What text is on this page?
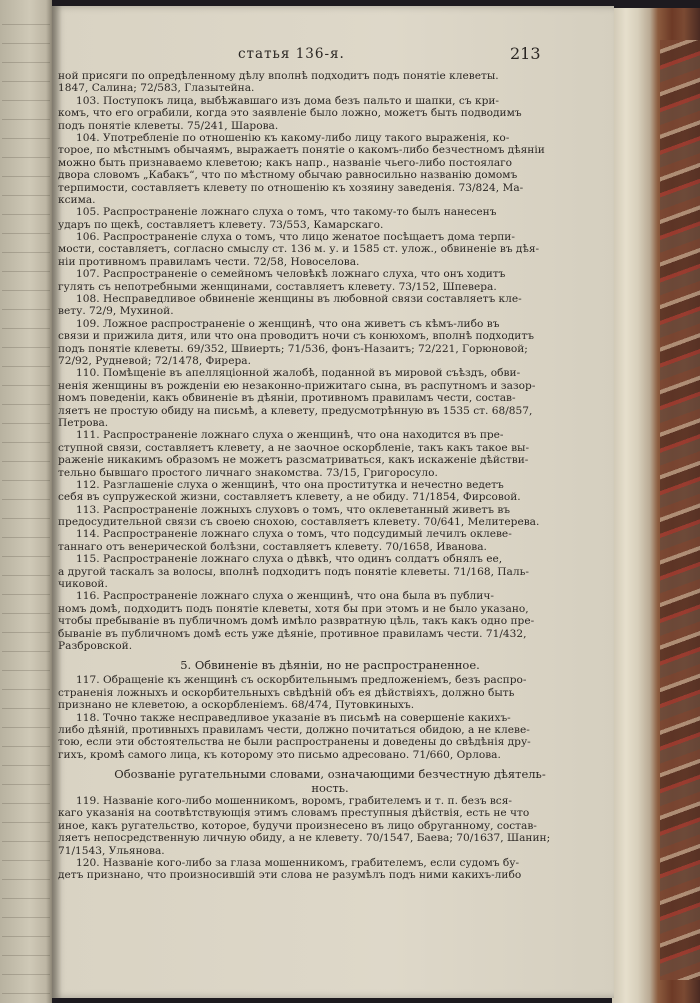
статья 136-я.	213
ной присяги по опредѣленному дѣлу вполнѣ подходитъ подъ понятіе клеветы.
1847, Салина; 72/583, Глазытейна.
103. Поступокъ лица, выбѣжавшаго изъ дома безъ пальто и шапки, съ кри-
комъ, что его ограбили, когда это заявленіе было ложно, можетъ быть подводимъ
подъ понятіе клеветы. 75/241, Шарова.
104. Употребленіе по отношенію къ какому-либо лицу такого выраженія, ко-
торое, по мѣстнымъ обычаямъ, выражаетъ понятіе о какомъ-либо безчестномъ дѣяніи
можно быть признавaемо клеветою; какъ напр., названіе чьего-либо постоялаго
двора словомъ „Кабакъ“, что по мѣстному обычаю равносильно названію домомъ
терпимости, составляетъ клевету по отношенію къ хозяину заведенія. 73/824, Ма-
ксима.
105. Распространеніе ложнаго слуха о томъ, что такому-то былъ нанесенъ
ударъ по щекѣ, составляетъ клевету. 73/553, Камарскаго.
106. Распространеніе слуха о томъ, что лицо женатое посѣщаетъ дома терпи-
мости, составляетъ, согласно смыслу ст. 136 м. у. и 1585 ст. улож., обвиненіе въ дѣя-
ніи противномъ правиламъ чести. 72/58, Новоселова.
107. Распространеніе о семейномъ человѣкѣ ложнаго слуха, что онъ ходитъ
гулять съ непотребными женщинами, составляетъ клевету. 73/152, Шпевера.
108. Несправедливое обвиненіе женщины въ любовной связи составляетъ кле-
вету. 72/9, Мухиной.
109. Ложное распространеніе о женщинѣ, что она живетъ съ кѣмъ-либо въ
связи и прижила дитя, или что она проводитъ ночи съ конюхомъ, вполнѣ подходитъ
подъ понятіе клеветы. 69/352, Швиерть; 71/536, фонъ-Назаитъ; 72/221, Горюновой;
72/92, Рудневой; 72/1478, Фирера.
110. Помѣщеніе въ апелляціонной жалобѣ, поданной въ мировой съѣздъ, обви-
ненія женщины въ рожденіи ею незаконно-прижитаго сына, въ распутномъ и зазор-
номъ поведеніи, какъ обвиненіе въ дѣяніи, противномъ правиламъ чести, состав-
ляетъ не простую обиду на письмѣ, а клевету, предусмотрѣнную въ 1535 ст. 68/857,
Петрова.
111. Распространеніе ложнаго слуха о женщинѣ, что она находится въ пре-
ступной связи, составляетъ клевету, а не заочное оскорбленіе, такъ какъ такое вы-
раженіе никакимъ образомъ не можетъ разсматриваться, какъ искаженіе дѣйстви-
тельно бывшаго простого личнаго знакомства. 73/15, Григоросуло.
112. Разглашеніе слуха о женщинѣ, что она проститутка и нечестно ведетъ
себя въ супружеской жизни, составляетъ клевету, а не обиду. 71/1854, Фирсовой.
113. Распространеніе ложныхъ слуховъ о томъ, что оклеветанный живетъ въ
предосудительной связи съ своею снохою, составляетъ клевету. 70/641, Мелитерева.
114. Распространеніе ложнаго слуха о томъ, что подсудимый лечилъ оклеве-
таннаго отъ венерической болѣзни, составляетъ клевету. 70/1658, Иванова.
115. Распространеніе ложнаго слуха о дѣвкѣ, что одинъ солдатъ обнялъ ее,
а другой таскалъ за волосы, вполнѣ подходитъ подъ понятіе клеветы. 71/168, Паль-
чиковой.
116. Распространеніе ложнаго слуха о женщинѣ, что она была въ публич-
номъ домѣ, подходитъ подъ понятіе клеветы, хотя бы при этомъ и не было указано,
чтобы пребываніе въ публичномъ домѣ имѣло развратную цѣль, такъ какъ одно пре-
быванie въ публичномъ домѣ есть уже дѣяніе, противное правиламъ чести. 71/432,
Разбровской.
5. Обвиненіе въ дѣяніи, но не распространенное.
117. Обращеніе къ женщинѣ съ оскорбительнымъ предложеніемъ, безъ распро-
страненія ложныхъ и оскорбительныхъ свѣдѣній объ ея дѣйствіяхъ, должно быть
признано не клеветою, а оскорбленіемъ. 68/474, Путовкиныхъ.
118. Точно также несправедливое указаніе въ письмѣ на совершеніе какихъ-
либо дѣяній, противныхъ правиламъ чести, должно почитаться обидою, а не клеве-
тою, если эти обстоятельства не были распространены и доведены до свѣдѣнія дру-
гихъ, кромѣ самого лица, къ которому это письмо адресовано. 71/660, Орлова.
Обозваніе ругательными словами, означающими безчестную дѣятель-
ность.
119. Названіе кого-либо мошенникомъ, воромъ, грабителемъ и т. п. безъ вся-
каго указанія на соотвѣтствующія этимъ словамъ преступныя дѣйствія, есть не что
иное, какъ ругательство, которое, будучи произнесено въ лицо обруганному, состав-
ляетъ непосредственную личную обиду, а не клевету. 70/1547, Баева; 70/1637, Шанин;
71/1543, Ульянова.
120. Названіе кого-либо за глаза мошенникомъ, грабителемъ, если судомъ бу-
детъ признано, что произносившій эти слова не разумѣлъ подъ ними какихъ-либо
